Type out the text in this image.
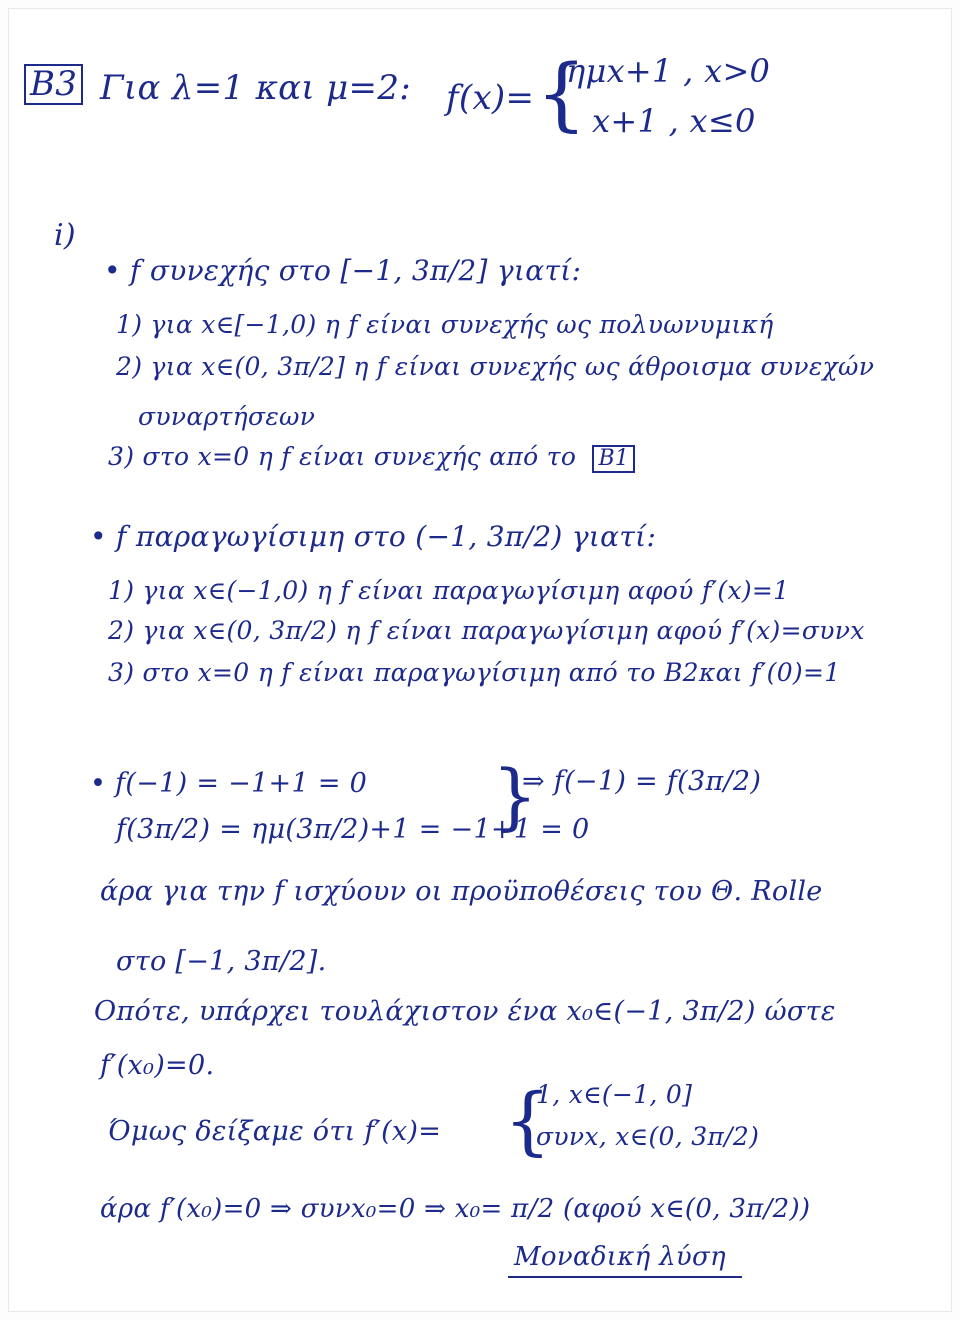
B3 Για λ=1 και μ=2: f(x)= {
ημx+1 , x>0
x+1 , x≤0
i)
• f συνεχής στο [−1, 3π/2] γιατί:
1) για x∈[−1,0) η f είναι συνεχής ως πολυωνυμική
2) για x∈(0, 3π/2] η f είναι συνεχής ως άθροισμα συνεχών
συναρτήσεων
3) στο x=0 η f είναι συνεχής από το B1
• f παραγωγίσιμη στο (−1, 3π/2) γιατί:
1) για x∈(−1,0) η f είναι παραγωγίσιμη αφού f′(x)=1
2) για x∈(0, 3π/2) η f είναι παραγωγίσιμη αφού f′(x)=συνx
3) στο x=0 η f είναι παραγωγίσιμη από το B2και f′(0)=1
• f(−1) = −1+1 = 0
f(3π/2) = ημ(3π/2)+1 = −1+1 = 0
}
⇒ f(−1) = f(3π/2)
άρα για την f ισχύουν οι προϋποθέσεις του Θ. Rolle
στο [−1, 3π/2].
Οπότε, υπάρχει τουλάχιστον ένα x₀∈(−1, 3π/2) ώστε
f′(x₀)=0.
Όμως δείξαμε ότι f′(x)= {
1, x∈(−1, 0]
συνx, x∈(0, 3π/2)
άρα f′(x₀)=0 ⇒ συνx₀=0 ⇒ x₀= π/2 (αφού x∈(0, 3π/2))
Μοναδική λύση
